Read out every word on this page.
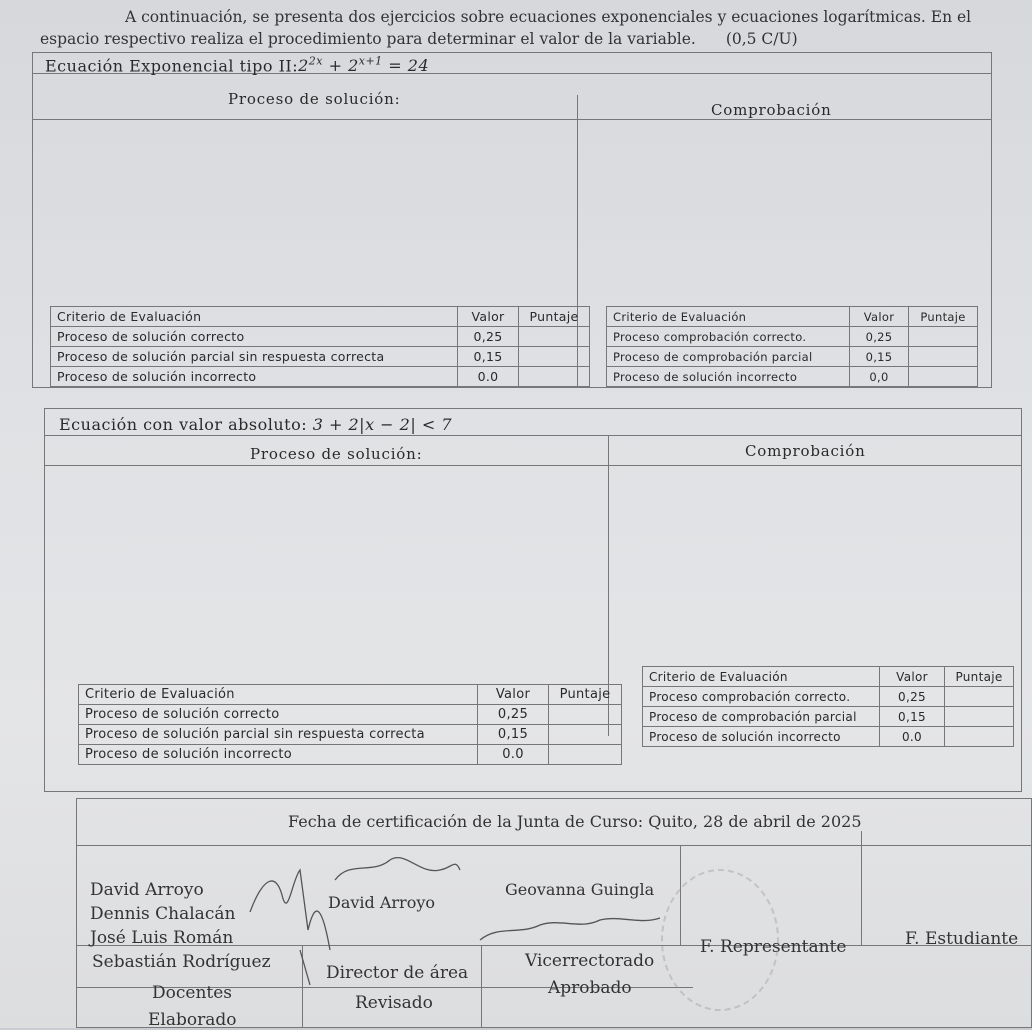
A continuación, se presenta dos ejercicios sobre ecuaciones exponenciales y ecuaciones logarítmicas. En el
espacio respectivo realiza el procedimiento para determinar el valor de la variable. (0,5 C/U)
Ecuación Exponencial tipo $II:2^{2x} + 2^{x+1} = 24$
Proceso de solución:
Comprobación
Criterio de Evaluación	Valor	Puntaje
Proceso de solución correcto	0,25	
Proceso de solución parcial sin respuesta correcta	0,15	
Proceso de solución incorrecto	0.0	
Criterio de Evaluación	Valor	Puntaje
Proceso comprobación correcto.	0,25	
Proceso de comprobación parcial	0,15	
Proceso de solución incorrecto	0,0	
Ecuación con valor absoluto: 3 + 2|x − 2| < 7
Proceso de solución:	Comprobación
Criterio de Evaluación	Valor	Puntaje
Proceso de solución correcto	0,25	
Proceso de solución parcial sin respuesta correcta	0,15	
Proceso de solución incorrecto	0.0	
Criterio de Evaluación	Valor	Puntaje
Proceso comprobación correcto.	0,25	
Proceso de comprobación parcial	0,15	
Proceso de solución incorrecto	0.0	
Fecha de certificación de la Junta de Curso: Quito, 28 de abril de 2025
David Arroyo
Dennis Chalacán
José Luis Román
Sebastián Rodríguez
David Arroyo
Geovanna Guingla
Docentes
Director de área
Vicerrectorado
F. Representante	F. Estudiante
Elaborado
Revisado
Aprobado
